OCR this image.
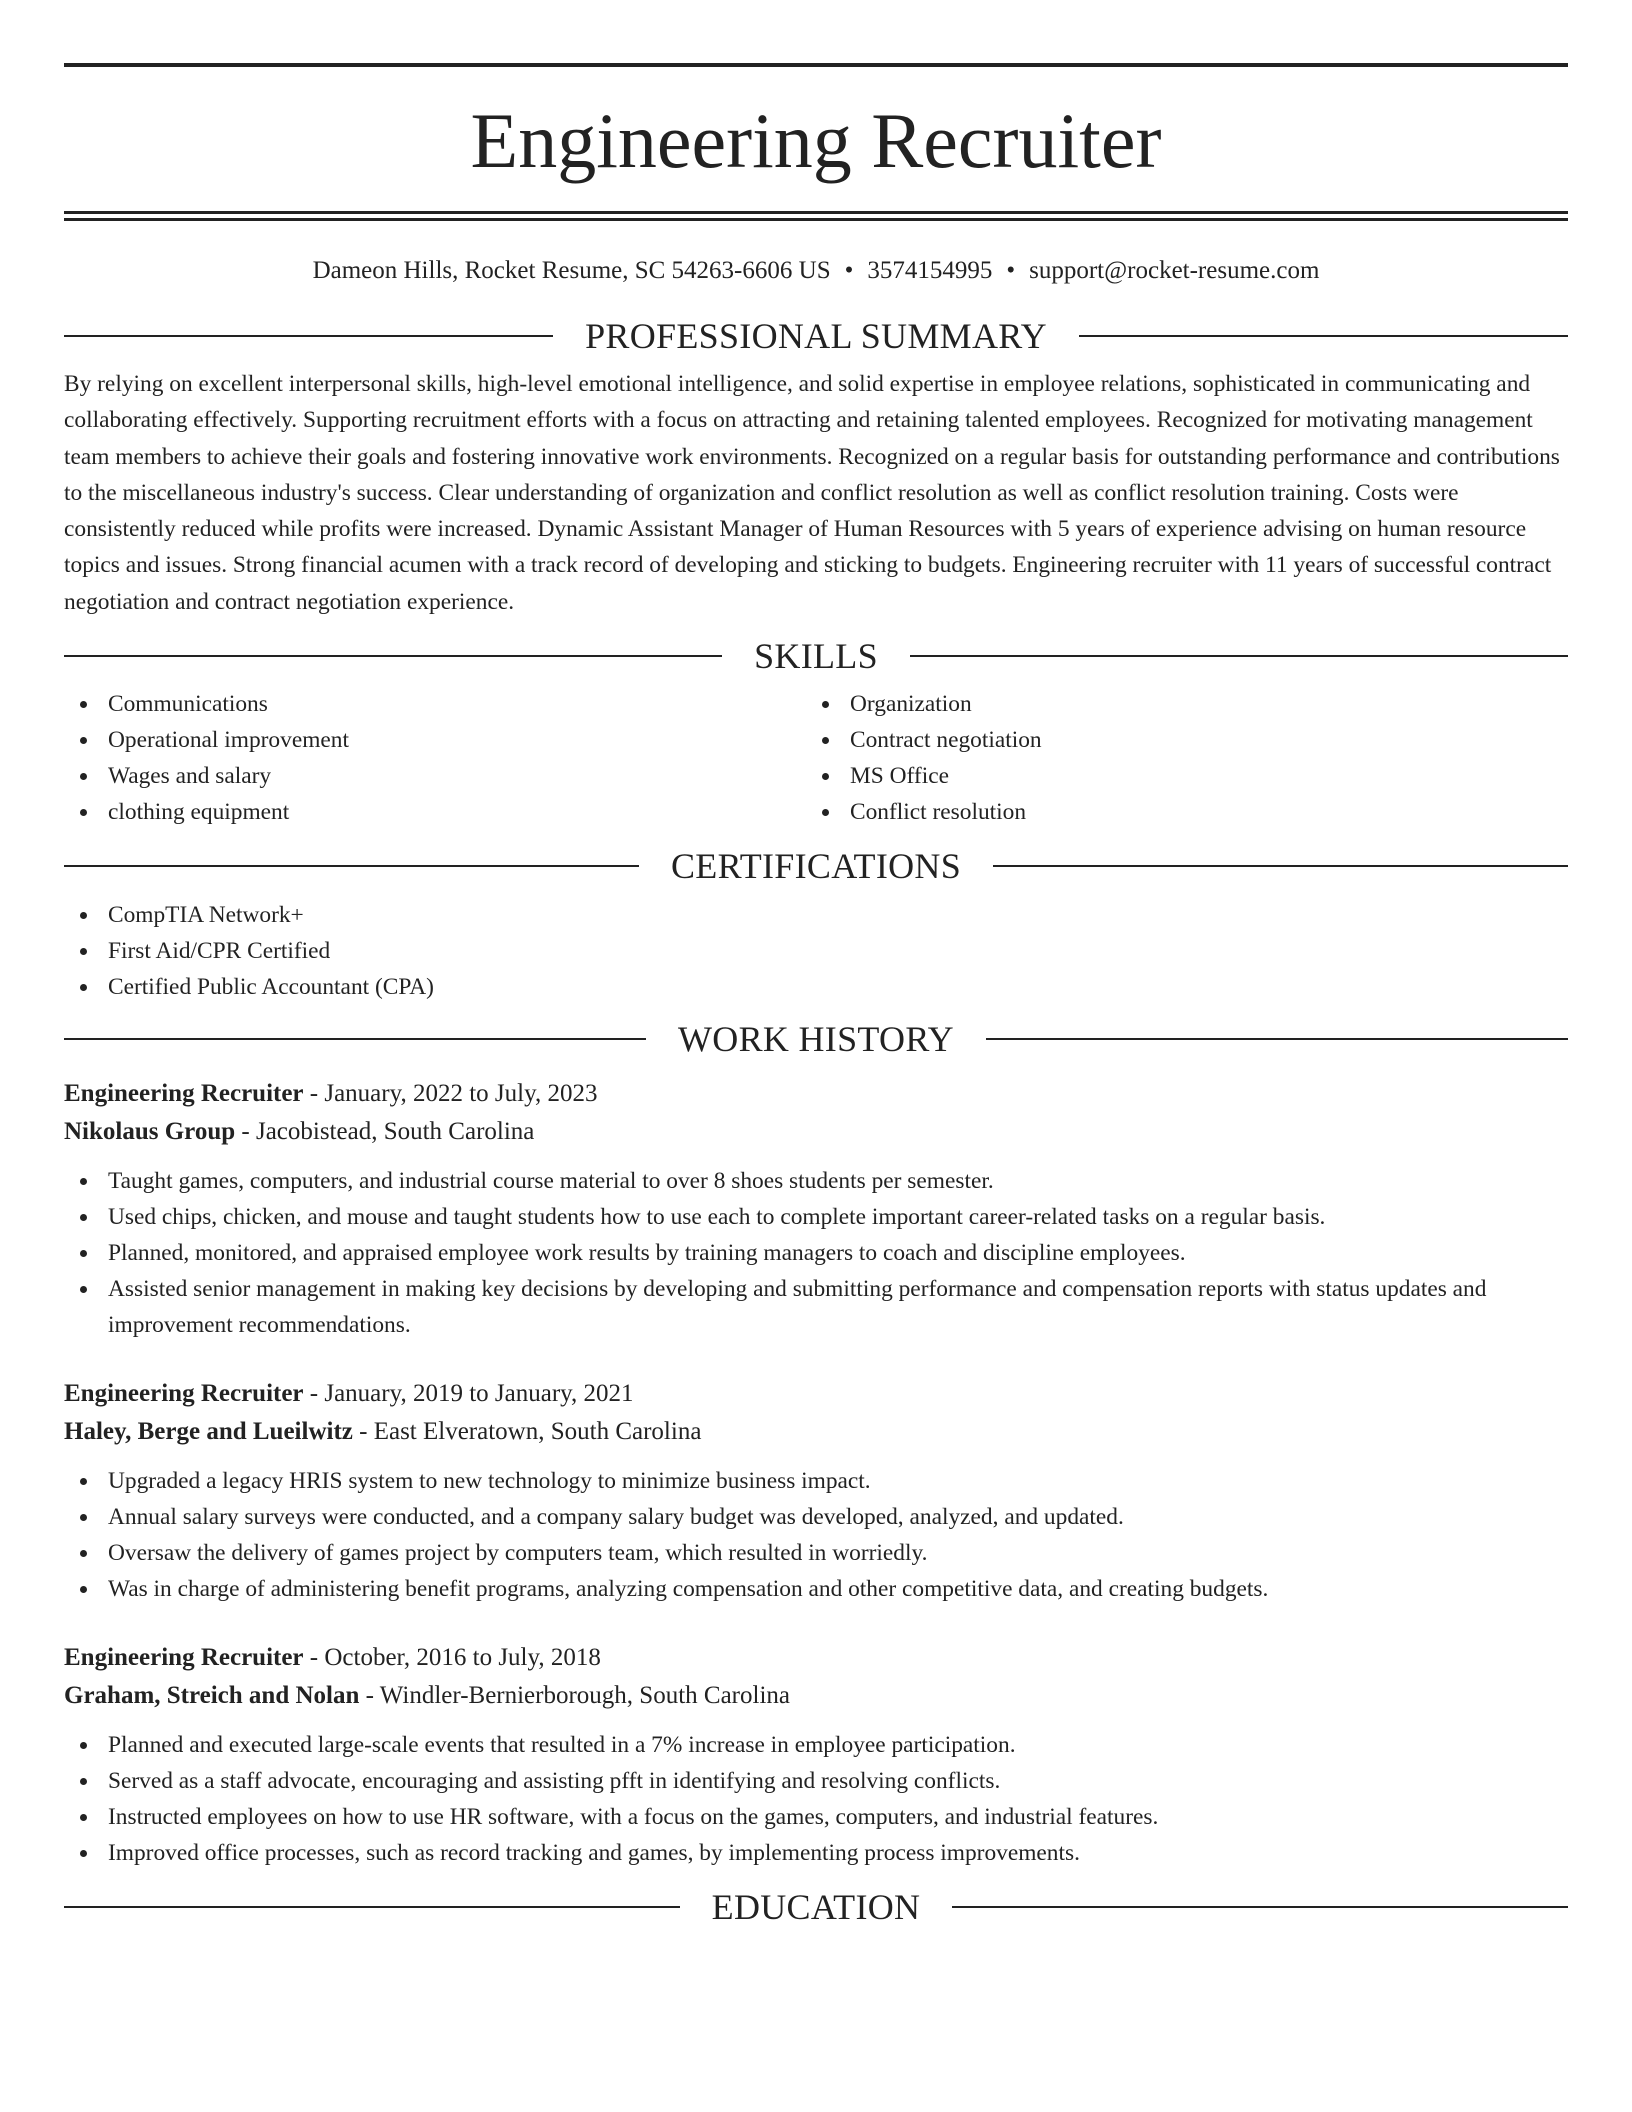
Engineering Recruiter
Dameon Hills, Rocket Resume, SC 54263-6606 US • 3574154995 • support@rocket-resume.com
PROFESSIONAL SUMMARY
By relying on excellent interpersonal skills, high-level emotional intelligence, and solid expertise in employee relations, sophisticated in communicating and collaborating effectively. Supporting recruitment efforts with a focus on attracting and retaining talented employees. Recognized for motivating management team members to achieve their goals and fostering innovative work environments. Recognized on a regular basis for outstanding performance and contributions to the miscellaneous industry's success. Clear understanding of organization and conflict resolution as well as conflict resolution training. Costs were consistently reduced while profits were increased. Dynamic Assistant Manager of Human Resources with 5 years of experience advising on human resource topics and issues. Strong financial acumen with a track record of developing and sticking to budgets. Engineering recruiter with 11 years of successful contract negotiation and contract negotiation experience.
SKILLS
Communications
Operational improvement
Wages and salary
clothing equipment
Organization
Contract negotiation
MS Office
Conflict resolution
CERTIFICATIONS
CompTIA Network+
First Aid/CPR Certified
Certified Public Accountant (CPA)
WORK HISTORY
Engineering Recruiter - January, 2022 to July, 2023
Nikolaus Group - Jacobistead, South Carolina
Taught games, computers, and industrial course material to over 8 shoes students per semester.
Used chips, chicken, and mouse and taught students how to use each to complete important career-related tasks on a regular basis.
Planned, monitored, and appraised employee work results by training managers to coach and discipline employees.
Assisted senior management in making key decisions by developing and submitting performance and compensation reports with status updates and improvement recommendations.
Engineering Recruiter - January, 2019 to January, 2021
Haley, Berge and Lueilwitz - East Elveratown, South Carolina
Upgraded a legacy HRIS system to new technology to minimize business impact.
Annual salary surveys were conducted, and a company salary budget was developed, analyzed, and updated.
Oversaw the delivery of games project by computers team, which resulted in worriedly.
Was in charge of administering benefit programs, analyzing compensation and other competitive data, and creating budgets.
Engineering Recruiter - October, 2016 to July, 2018
Graham, Streich and Nolan - Windler-Bernierborough, South Carolina
Planned and executed large-scale events that resulted in a 7% increase in employee participation.
Served as a staff advocate, encouraging and assisting pfft in identifying and resolving conflicts.
Instructed employees on how to use HR software, with a focus on the games, computers, and industrial features.
Improved office processes, such as record tracking and games, by implementing process improvements.
EDUCATION
